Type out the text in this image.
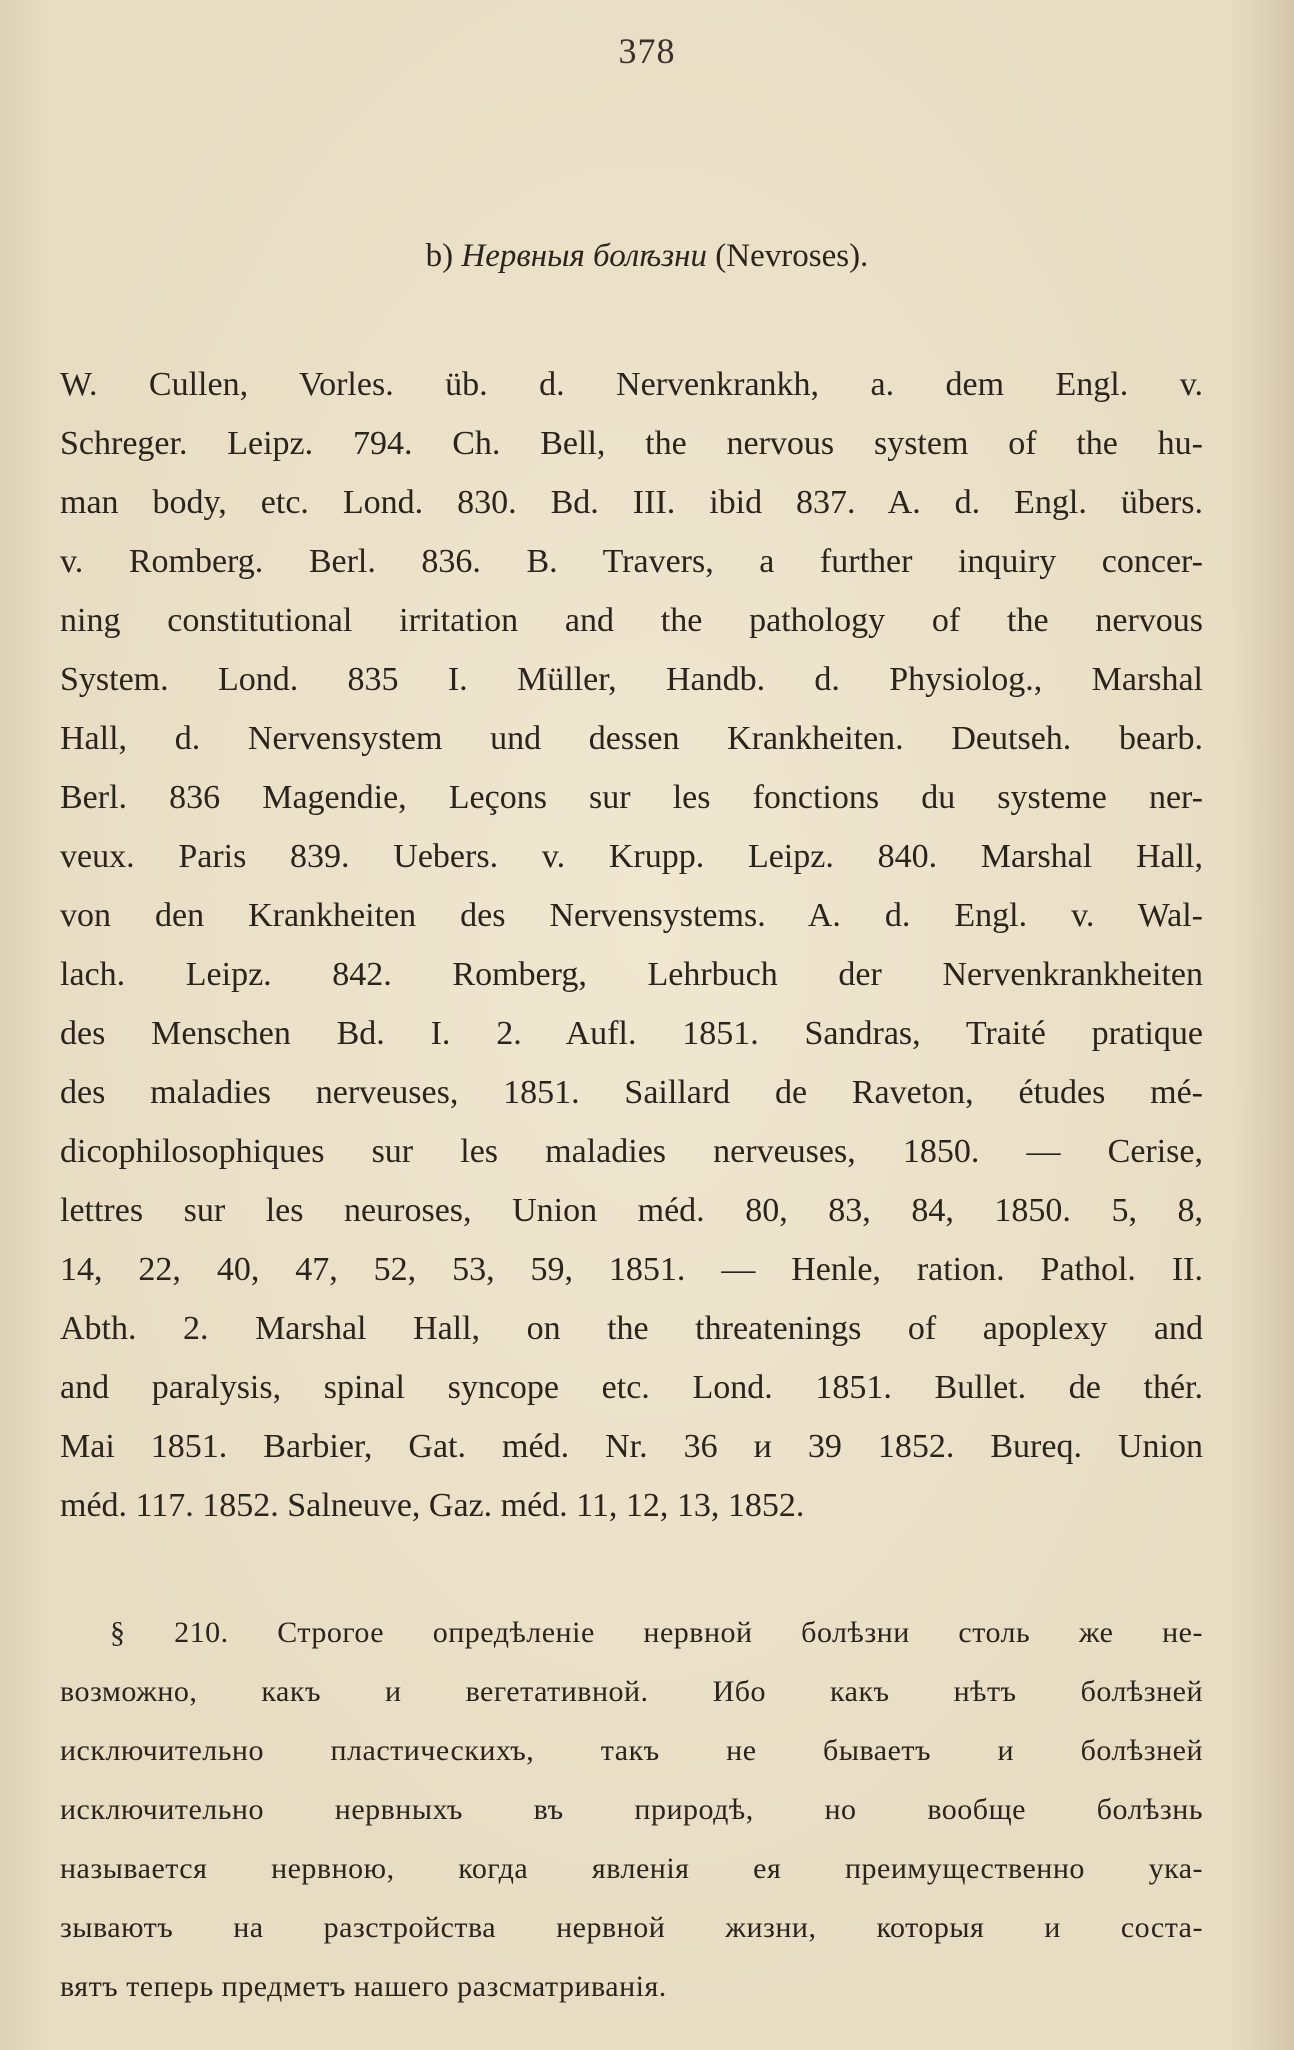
378
b) Нервныя болѣзни (Nevroses).
W. Cullen, Vorles. üb. d. Nervenkrankh, a. dem Engl. v.
Schreger. Leipz. 794. Ch. Bell, the nervous system of the hu-
man body, etc. Lond. 830. Bd. III. ibid 837. A. d. Engl. übers.
v. Romberg. Berl. 836. B. Travers, a further inquiry concer-
ning constitutional irritation and the pathology of the nervous
System. Lond. 835 I. Müller, Handb. d. Physiolog., Marshal
Hall, d. Nervensystem und dessen Krankheiten. Deutseh. bearb.
Berl. 836 Magendie, Leçons sur les fonctions du systeme ner-
veux. Paris 839. Uebers. v. Krupp. Leipz. 840. Marshal Hall,
von den Krankheiten des Nervensystems. A. d. Engl. v. Wal-
lach. Leipz. 842. Romberg, Lehrbuch der Nervenkrankheiten
des Menschen Bd. I. 2. Aufl. 1851. Sandras, Traité pratique
des maladies nerveuses, 1851. Saillard de Raveton, études mé-
dicophilosophiques sur les maladies nerveuses, 1850. — Cerise,
lettres sur les neuroses, Union méd. 80, 83, 84, 1850. 5, 8,
14, 22, 40, 47, 52, 53, 59, 1851. — Henle, ration. Pathol. II.
Abth. 2. Marshal Hall, on the threatenings of apoplexy and
and paralysis, spinal syncope etc. Lond. 1851. Bullet. de thér.
Mai 1851. Barbier, Gat. méd. Nr. 36 и 39 1852. Bureq. Union
méd. 117. 1852. Salneuve, Gaz. méd. 11, 12, 13, 1852.
§ 210. Строгое опредѣленіе нервной болѣзни столь же не-
возможно, какъ и вегетативной. Ибо какъ нѣтъ болѣзней
исключительно пластическихъ, такъ не бываетъ и болѣзней
исключительно нервныхъ въ природѣ, но вообще болѣзнь
называется нервною, когда явленія ея преимущественно ука-
зываютъ на разстройства нервной жизни, которыя и соста-
вятъ теперь предметъ нашего разсматриванія.
